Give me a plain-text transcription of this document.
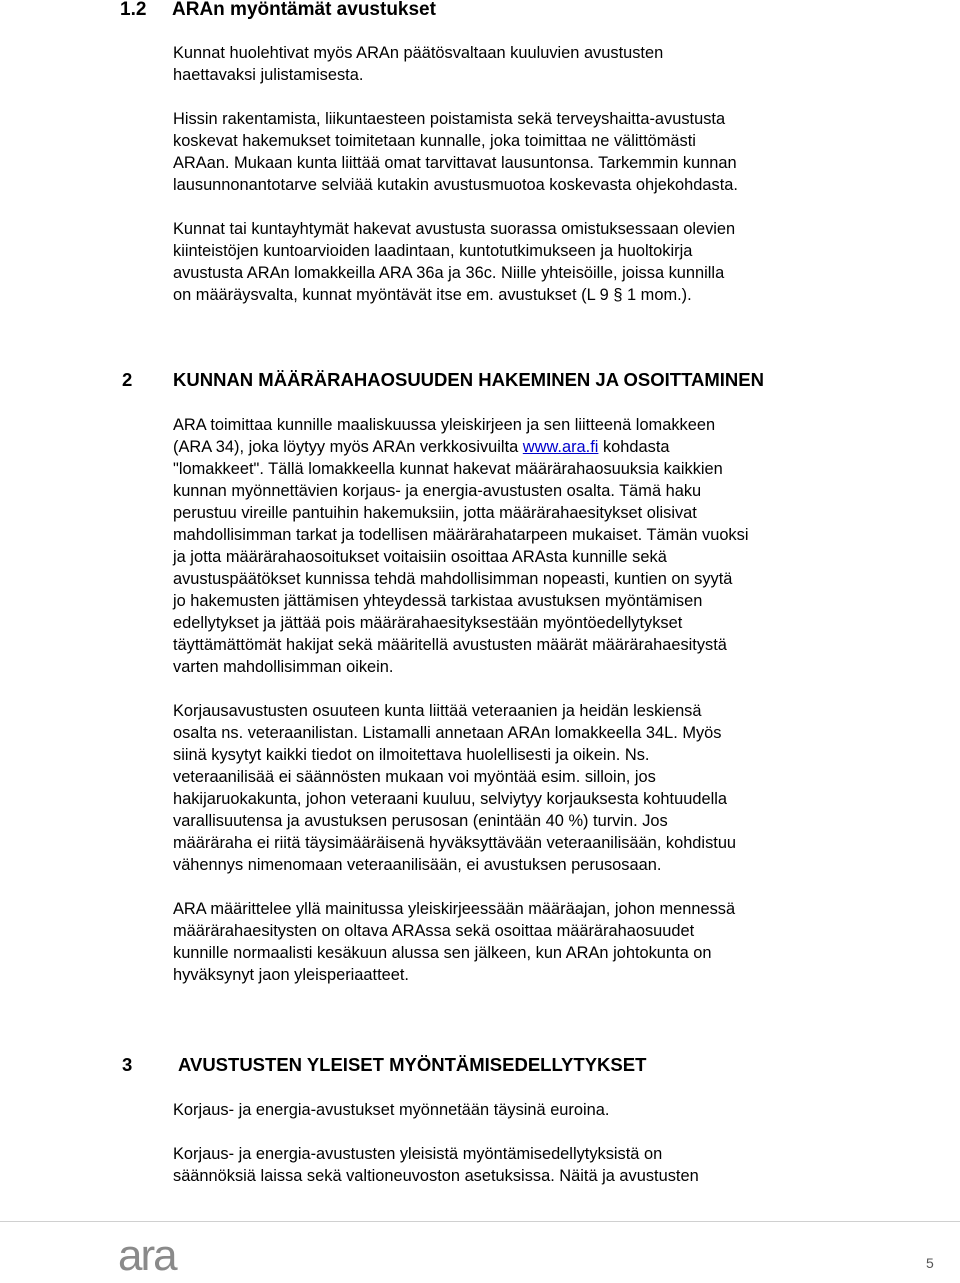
1.2 ARAn myöntämät avustukset

Kunnat huolehtivat myös ARAn päätösvaltaan kuuluvien avustusten
haettavaksi julistamisesta.

Hissin rakentamista, liikuntaesteen poistamista sekä terveyshaitta-avustusta
koskevat hakemukset toimitetaan kunnalle, joka toimittaa ne välittömästi
ARAan. Mukaan kunta liittää omat tarvittavat lausuntonsa. Tarkemmin kunnan
lausunnonantotarve selviää kutakin avustusmuotoa koskevasta ohjekohdasta.

Kunnat tai kuntayhtymät hakevat avustusta suorassa omistuksessaan olevien
kiinteistöjen kuntoarvioiden laadintaan, kuntotutkimukseen ja huoltokirja
avustusta ARAn lomakkeilla ARA 36a ja 36c. Niille yhteisöille, joissa kunnilla
on määräysvalta, kunnat myöntävät itse em. avustukset (L 9 § 1 mom.).

2 KUNNAN MÄÄRÄRAHAOSUUDEN HAKEMINEN JA OSOITTAMINEN

ARA toimittaa kunnille maaliskuussa yleiskirjeen ja sen liitteenä lomakkeen
(ARA 34), joka löytyy myös ARAn verkkosivuilta www.ara.fi kohdasta
"lomakkeet". Tällä lomakkeella kunnat hakevat määrärahaosuuksia kaikkien
kunnan myönnettävien korjaus- ja energia-avustusten osalta. Tämä haku
perustuu vireille pantuihin hakemuksiin, jotta määrärahaesitykset olisivat
mahdollisimman tarkat ja todellisen määrärahatarpeen mukaiset. Tämän vuoksi
ja jotta määrärahaosoitukset voitaisiin osoittaa ARAsta kunnille sekä
avustuspäätökset kunnissa tehdä mahdollisimman nopeasti, kuntien on syytä
jo hakemusten jättämisen yhteydessä tarkistaa avustuksen myöntämisen
edellytykset ja jättää pois määrärahaesityksestään myöntöedellytykset
täyttämättömät hakijat sekä määritellä avustusten määrät määrärahaesitystä
varten mahdollisimman oikein.

Korjausavustusten osuuteen kunta liittää veteraanien ja heidän leskiensä
osalta ns. veteraanilistan. Listamalli annetaan ARAn lomakkeella 34L. Myös
siinä kysytyt kaikki tiedot on ilmoitettava huolellisesti ja oikein. Ns.
veteraanilisää ei säännösten mukaan voi myöntää esim. silloin, jos
hakijaruokakunta, johon veteraani kuuluu, selviytyy korjauksesta kohtuudella
varallisuutensa ja avustuksen perusosan (enintään 40 %) turvin. Jos
määräraha ei riitä täysimääräisenä hyväksyttävään veteraanilisään, kohdistuu
vähennys nimenomaan veteraanilisään, ei avustuksen perusosaan.

ARA määrittelee yllä mainitussa yleiskirjeessään määräajan, johon mennessä
määrärahaesitysten on oltava ARAssa sekä osoittaa määrärahaosuudet
kunnille normaalisti kesäkuun alussa sen jälkeen, kun ARAn johtokunta on
hyväksynyt jaon yleisperiaatteet.

3 AVUSTUSTEN YLEISET MYÖNTÄMISEDELLYTYKSET

Korjaus- ja energia-avustukset myönnetään täysinä euroina.

Korjaus- ja energia-avustusten yleisistä myöntämisedellytyksistä on
säännöksiä laissa sekä valtioneuvoston asetuksissa. Näitä ja avustusten

ara	5
